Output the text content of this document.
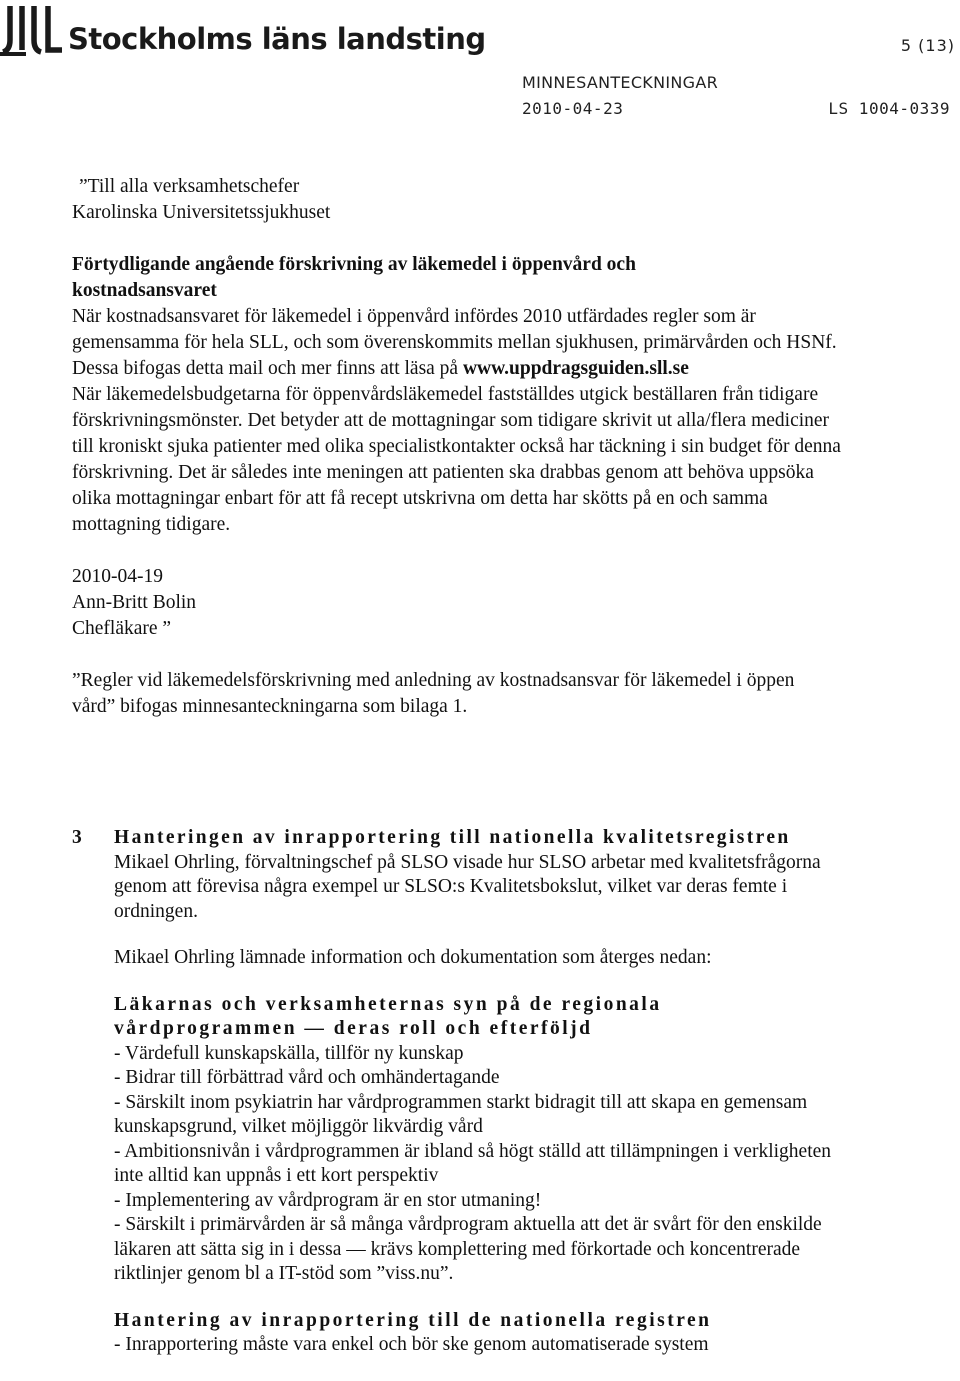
Stockholms läns landsting	5 (13)
MINNESANTECKNINGAR
2010-04-23	LS 1004-0339

”Till alla verksamhetschefer

Karolinska Universitetssjukhuset

Förtydligande angående förskrivning av läkemedel i öppenvård och

kostnadsansvaret

När kostnadsansvaret för läkemedel i öppenvård infördes 2010 utfärdades regler som är gemensamma för hela SLL, och som överenskommits mellan sjukhusen, primärvården och HSNf. Dessa bifogas detta mail och mer finns att läsa på www.uppdragsguiden.sll.se

När läkemedelsbudgetarna för öppenvårdsläkemedel fastställdes utgick beställaren från tidigare förskrivningsmönster. Det betyder att de mottagningar som tidigare skrivit ut alla/flera mediciner till kroniskt sjuka patienter med olika specialistkontakter också har täckning i sin budget för denna förskrivning. Det är således inte meningen att patienten ska drabbas genom att behöva uppsöka olika mottagningar enbart för att få recept utskrivna om detta har skötts på en och samma mottagning tidigare.

2010-04-19

Ann-Britt Bolin

Chefläkare ”

”Regler vid läkemedelsförskrivning med anledning av kostnadsansvar för läkemedel i öppen vård” bifogas minnesanteckningarna som bilaga 1.

3	Hanteringen av inrapportering till nationella kvalitetsregistren

Mikael Ohrling, förvaltningschef på SLSO visade hur SLSO arbetar med kvalitetsfrågorna genom att förevisa några exempel ur SLSO:s Kvalitetsbokslut, vilket var deras femte i ordningen.

Mikael Ohrling lämnade information och dokumentation som återges nedan:

Läkarnas och verksamheternas syn på de regionala

vårdprogrammen — deras roll och efterföljd

- Värdefull kunskapskälla, tillför ny kunskap

- Bidrar till förbättrad vård och omhändertagande

- Särskilt inom psykiatrin har vårdprogrammen starkt bidragit till att skapa en gemensam kunskapsgrund, vilket möjliggör likvärdig vård

- Ambitionsnivån i vårdprogrammen är ibland så högt ställd att tillämpningen i verkligheten inte alltid kan uppnås i ett kort perspektiv

- Implementering av vårdprogram är en stor utmaning!

- Särskilt i primärvården är så många vårdprogram aktuella att det är svårt för den enskilde läkaren att sätta sig in i dessa — krävs komplettering med förkortade och koncentrerade riktlinjer genom bl a IT-stöd som ”viss.nu”.

Hantering av inrapportering till de nationella registren

- Inrapportering måste vara enkel och bör ske genom automatiserade system
